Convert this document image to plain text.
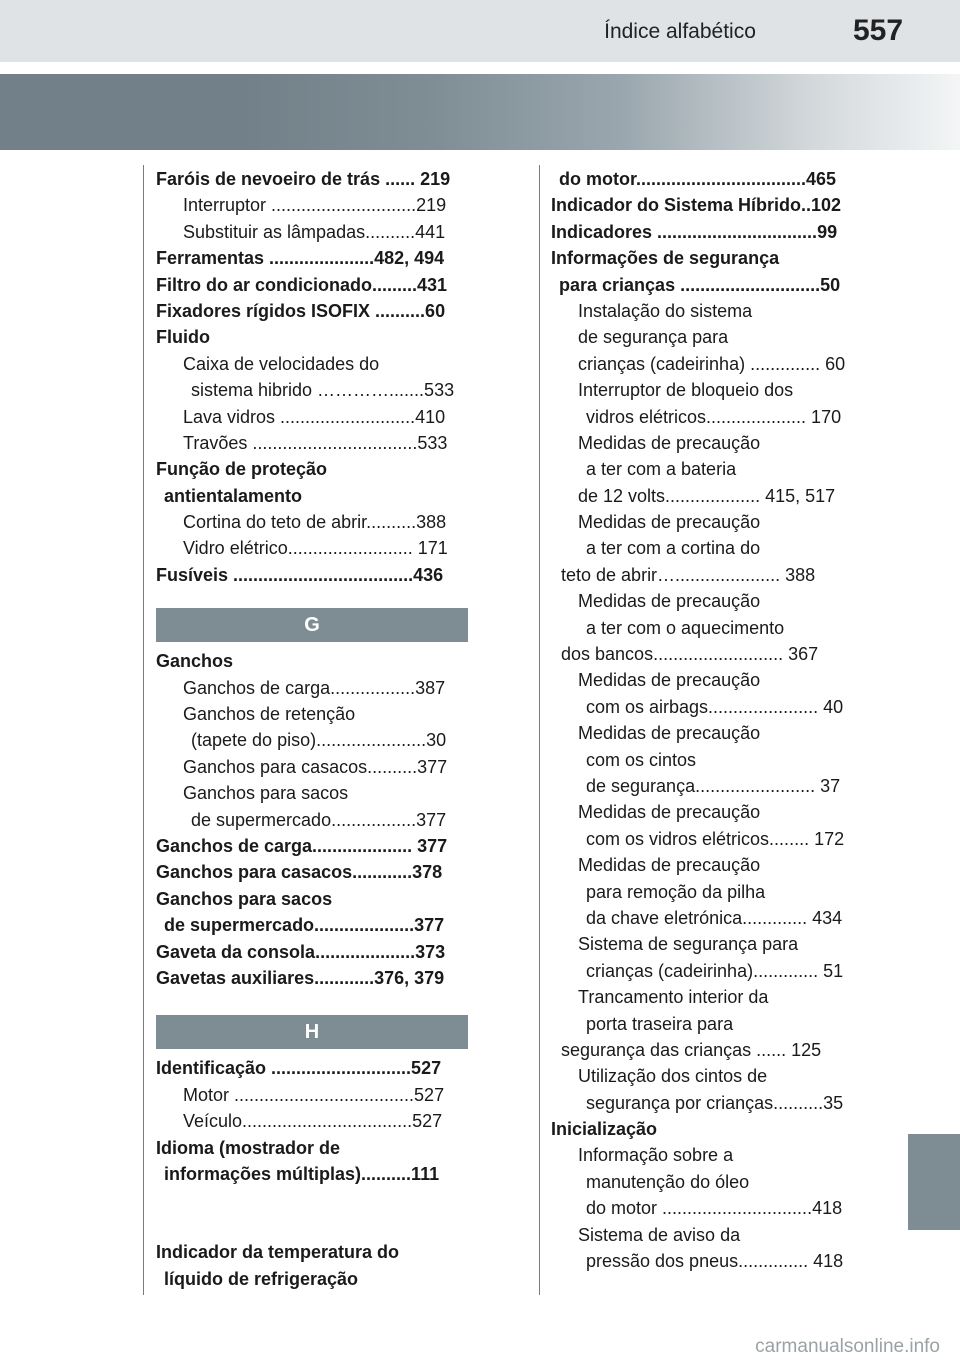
Índice alfabético	557
Faróis de nevoeiro de trás ...... 219
Interruptor .............................219
Substituir as lâmpadas..........441
Ferramentas .....................482, 494
Filtro do ar condicionado.........431
Fixadores rígidos ISOFIX ..........60
Fluido
Caixa de velocidades do
sistema hibrido ………….......533
Lava vidros ...........................410
Travões .................................533
Função de proteção
antientalamento
Cortina do teto de abrir..........388
Vidro elétrico......................... 171
Fusíveis ....................................436
G
Ganchos
Ganchos de carga.................387
Ganchos de retenção
(tapete do piso)......................30
Ganchos para casacos..........377
Ganchos para sacos
de supermercado.................377
Ganchos de carga.................... 377
Ganchos para casacos............378
Ganchos para sacos
de supermercado....................377
Gaveta da consola....................373
Gavetas auxiliares............376, 379
H
Identificação ............................527
Motor ....................................527
Veículo..................................527
Idioma (mostrador de
informações múltiplas)..........111
Indicador da temperatura do
líquido de refrigeração
do motor..................................465
Indicador do Sistema Híbrido..102
Indicadores ................................99
Informações de segurança
para crianças ............................50
Instalação do sistema
de segurança para
crianças (cadeirinha) .............. 60
Interruptor de bloqueio dos
vidros elétricos.................... 170
Medidas de precaução
a ter com a bateria
de 12 volts................... 415, 517
Medidas de precaução
a ter com a cortina do
teto de abrir…..................... 388
Medidas de precaução
a ter com o aquecimento
dos bancos.......................... 367
Medidas de precaução
com os airbags...................... 40
Medidas de precaução
com os cintos
de segurança........................ 37
Medidas de precaução
com os vidros elétricos........ 172
Medidas de precaução
para remoção da pilha
da chave eletrónica............. 434
Sistema de segurança para
crianças (cadeirinha)............. 51
Trancamento interior da
porta traseira para
segurança das crianças ...... 125
Utilização dos cintos de
segurança por crianças..........35
Inicialização
Informação sobre a
manutenção do óleo
do motor ..............................418
Sistema de aviso da
pressão dos pneus.............. 418
carmanualsonline.info
